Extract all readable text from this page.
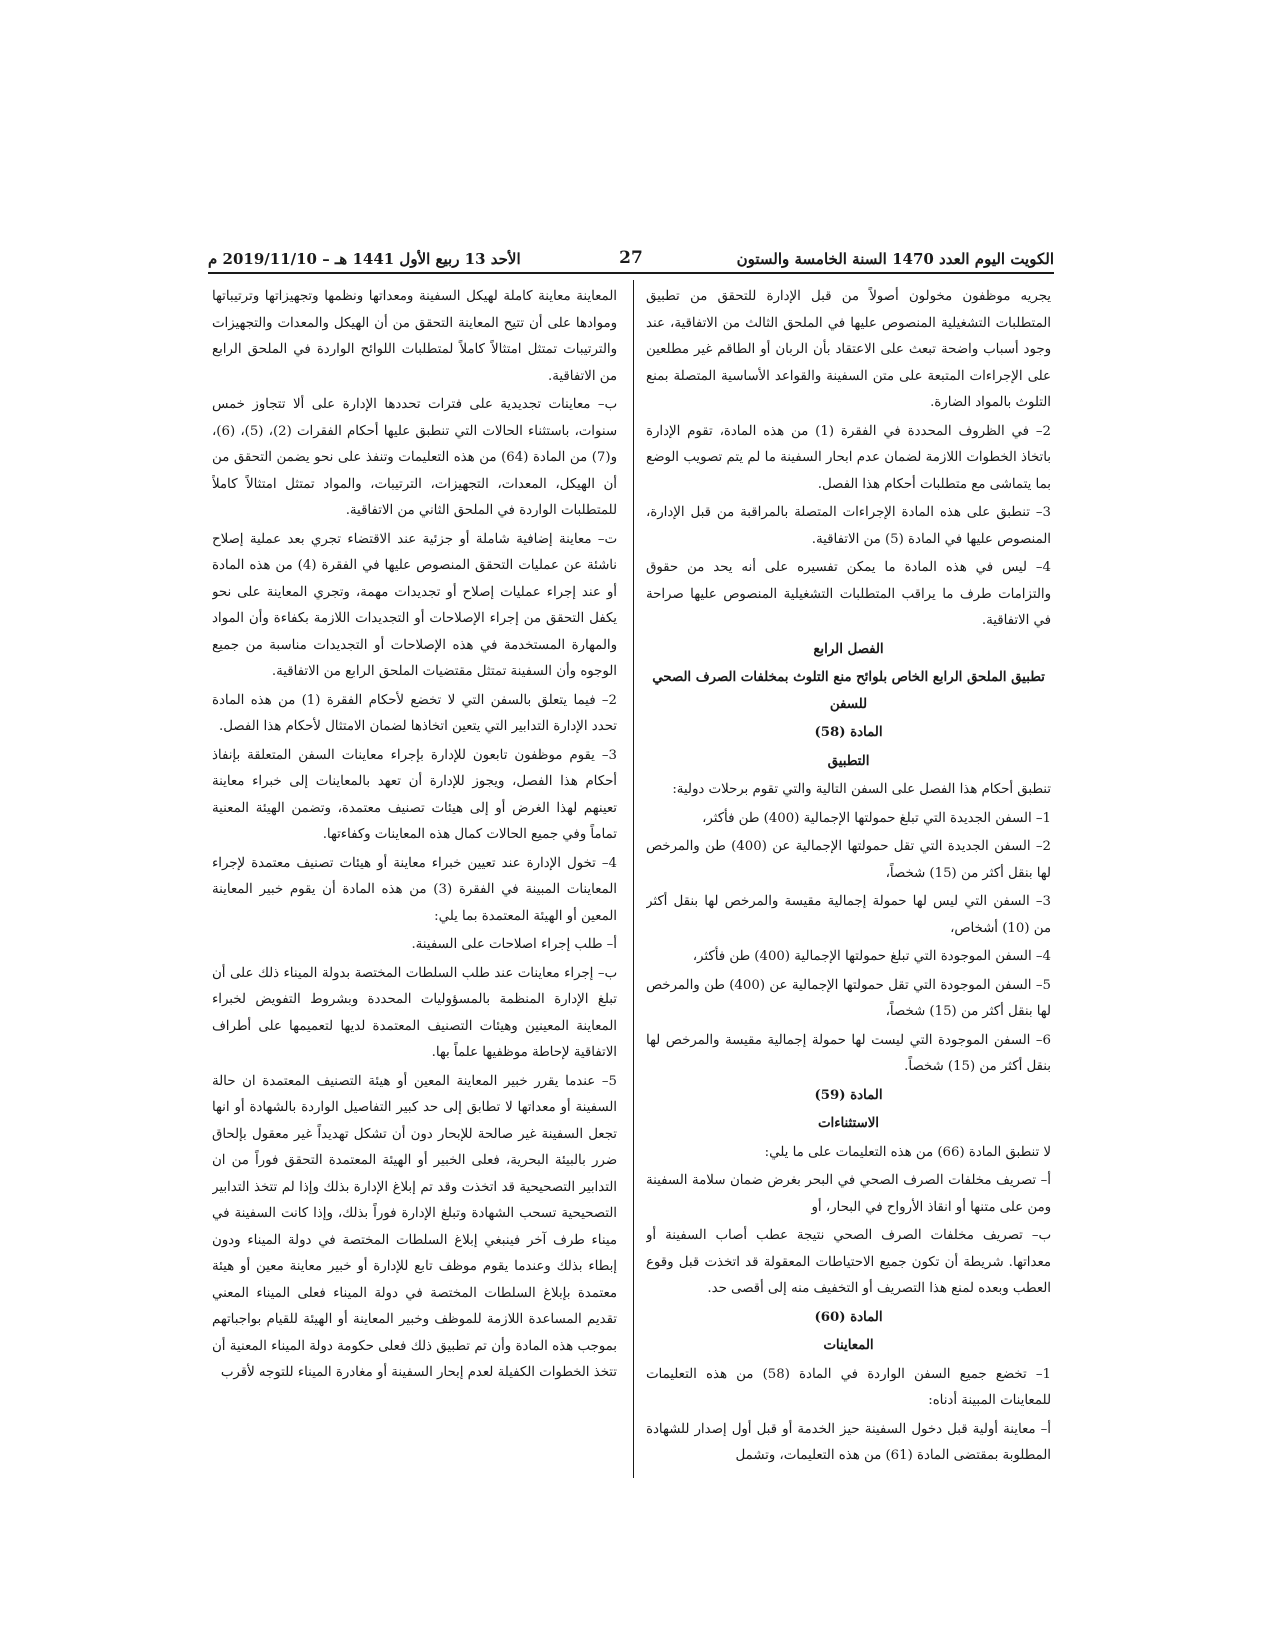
الكويت اليوم العدد 1470 السنة الخامسة والستون
27
الأحد 13 ربيع الأول 1441 هـ – 2019/11/10 م

يجريه موظفون مخولون أصولاً من قبل الإدارة للتحقق من تطبيق المتطلبات التشغيلية المنصوص عليها في الملحق الثالث من الاتفاقية، عند وجود أسباب واضحة تبعث على الاعتقاد بأن الربان أو الطاقم غير مطلعين على الإجراءات المتبعة على متن السفينة والقواعد الأساسية المتصلة بمنع التلوث بالمواد الضارة.

2– في الظروف المحددة في الفقرة (1) من هذه المادة، تقوم الإدارة باتخاذ الخطوات اللازمة لضمان عدم ابحار السفينة ما لم يتم تصويب الوضع بما يتماشى مع متطلبات أحكام هذا الفصل.

3– تنطبق على هذه المادة الإجراءات المتصلة بالمراقبة من قبل الإدارة، المنصوص عليها في المادة (5) من الاتفاقية.

4– ليس في هذه المادة ما يمكن تفسيره على أنه يحد من حقوق والتزامات طرف ما يراقب المتطلبات التشغيلية المنصوص عليها صراحة في الاتفاقية.

الفصل الرابع

تطبيق الملحق الرابع الخاص بلوائح منع التلوث بمخلفات الصرف الصحي للسفن

المادة (58)

التطبيق

تنطبق أحكام هذا الفصل على السفن التالية والتي تقوم برحلات دولية:

1– السفن الجديدة التي تبلغ حمولتها الإجمالية (400) طن فأكثر،

2– السفن الجديدة التي تقل حمولتها الإجمالية عن (400) طن والمرخص لها بنقل أكثر من (15) شخصاً،

3– السفن التي ليس لها حمولة إجمالية مقيسة والمرخص لها بنقل أكثر من (10) أشخاص،

4– السفن الموجودة التي تبلغ حمولتها الإجمالية (400) طن فأكثر،

5– السفن الموجودة التي تقل حمولتها الإجمالية عن (400) طن والمرخص لها بنقل أكثر من (15) شخصاً،

6– السفن الموجودة التي ليست لها حمولة إجمالية مقيسة والمرخص لها بنقل أكثر من (15) شخصاً.

المادة (59)

الاستثناءات

لا تنطبق المادة (66) من هذه التعليمات على ما يلي:

أ– تصريف مخلفات الصرف الصحي في البحر بغرض ضمان سلامة السفينة ومن على متنها أو انقاذ الأرواح في البحار، أو

ب– تصريف مخلفات الصرف الصحي نتيجة عطب أصاب السفينة أو معداتها. شريطة أن تكون جميع الاحتياطات المعقولة قد اتخذت قبل وقوع العطب وبعده لمنع هذا التصريف أو التخفيف منه إلى أقصى حد.

المادة (60)

المعاينات

1– تخضع جميع السفن الواردة في المادة (58) من هذه التعليمات للمعاينات المبينة أدناه:

أ– معاينة أولية قبل دخول السفينة حيز الخدمة أو قبل أول إصدار للشهادة المطلوبة بمقتضى المادة (61) من هذه التعليمات، وتشمل

المعاينة معاينة كاملة لهيكل السفينة ومعداتها ونظمها وتجهيزاتها وترتيباتها وموادها على أن تتيح المعاينة التحقق من أن الهيكل والمعدات والتجهيزات والترتيبات تمتثل امتثالاً كاملاً لمتطلبات اللوائح الواردة في الملحق الرابع من الاتفاقية.

ب– معاينات تجديدية على فترات تحددها الإدارة على ألا تتجاوز خمس سنوات، باستثناء الحالات التي تنطبق عليها أحكام الفقرات (2)، (5)، (6)، و(7) من المادة (64) من هذه التعليمات وتنفذ على نحو يضمن التحقق من أن الهيكل، المعدات، التجهيزات، الترتيبات، والمواد تمتثل امتثالاً كاملاً للمتطلبات الواردة في الملحق الثاني من الاتفاقية.

ت– معاينة إضافية شاملة أو جزئية عند الاقتضاء تجري بعد عملية إصلاح ناشئة عن عمليات التحقق المنصوص عليها في الفقرة (4) من هذه المادة أو عند إجراء عمليات إصلاح أو تجديدات مهمة، وتجري المعاينة على نحو يكفل التحقق من إجراء الإصلاحات أو التجديدات اللازمة بكفاءة وأن المواد والمهارة المستخدمة في هذه الإصلاحات أو التجديدات مناسبة من جميع الوجوه وأن السفينة تمتثل مقتضيات الملحق الرابع من الاتفاقية.

2– فيما يتعلق بالسفن التي لا تخضع لأحكام الفقرة (1) من هذه المادة تحدد الإدارة التدابير التي يتعين اتخاذها لضمان الامتثال لأحكام هذا الفصل.

3– يقوم موظفون تابعون للإدارة بإجراء معاينات السفن المتعلقة بإنفاذ أحكام هذا الفصل، ويجوز للإدارة أن تعهد بالمعاينات إلى خبراء معاينة تعينهم لهذا الغرض أو إلى هيئات تصنيف معتمدة، وتضمن الهيئة المعنية تماماً وفي جميع الحالات كمال هذه المعاينات وكفاءتها.

4– تخول الإدارة عند تعيين خبراء معاينة أو هيئات تصنيف معتمدة لإجراء المعاينات المبينة في الفقرة (3) من هذه المادة أن يقوم خبير المعاينة المعين أو الهيئة المعتمدة بما يلي:

أ– طلب إجراء اصلاحات على السفينة.

ب– إجراء معاينات عند طلب السلطات المختصة بدولة الميناء ذلك على أن تبلغ الإدارة المنظمة بالمسؤوليات المحددة وبشروط التفويض لخبراء المعاينة المعينين وهيئات التصنيف المعتمدة لديها لتعميمها على أطراف الاتفاقية لإحاطة موظفيها علماً بها.

5– عندما يقرر خبير المعاينة المعين أو هيئة التصنيف المعتمدة ان حالة السفينة أو معداتها لا تطابق إلى حد كبير التفاصيل الواردة بالشهادة أو انها تجعل السفينة غير صالحة للإبحار دون أن تشكل تهديداً غير معقول بإلحاق ضرر بالبيئة البحرية، فعلى الخبير أو الهيئة المعتمدة التحقق فوراً من ان التدابير التصحيحية قد اتخذت وقد تم إبلاغ الإدارة بذلك وإذا لم تتخذ التدابير التصحيحية تسحب الشهادة وتبلغ الإدارة فوراً بذلك، وإذا كانت السفينة في ميناء طرف آخر فينبغي إبلاغ السلطات المختصة في دولة الميناء ودون إبطاء بذلك وعندما يقوم موظف تابع للإدارة أو خبير معاينة معين أو هيئة معتمدة بإبلاغ السلطات المختصة في دولة الميناء فعلى الميناء المعني تقديم المساعدة اللازمة للموظف وخبير المعاينة أو الهيئة للقيام بواجباتهم بموجب هذه المادة وأن تم تطبيق ذلك فعلى حكومة دولة الميناء المعنية أن تتخذ الخطوات الكفيلة لعدم إبحار السفينة أو مغادرة الميناء للتوجه لأقرب
